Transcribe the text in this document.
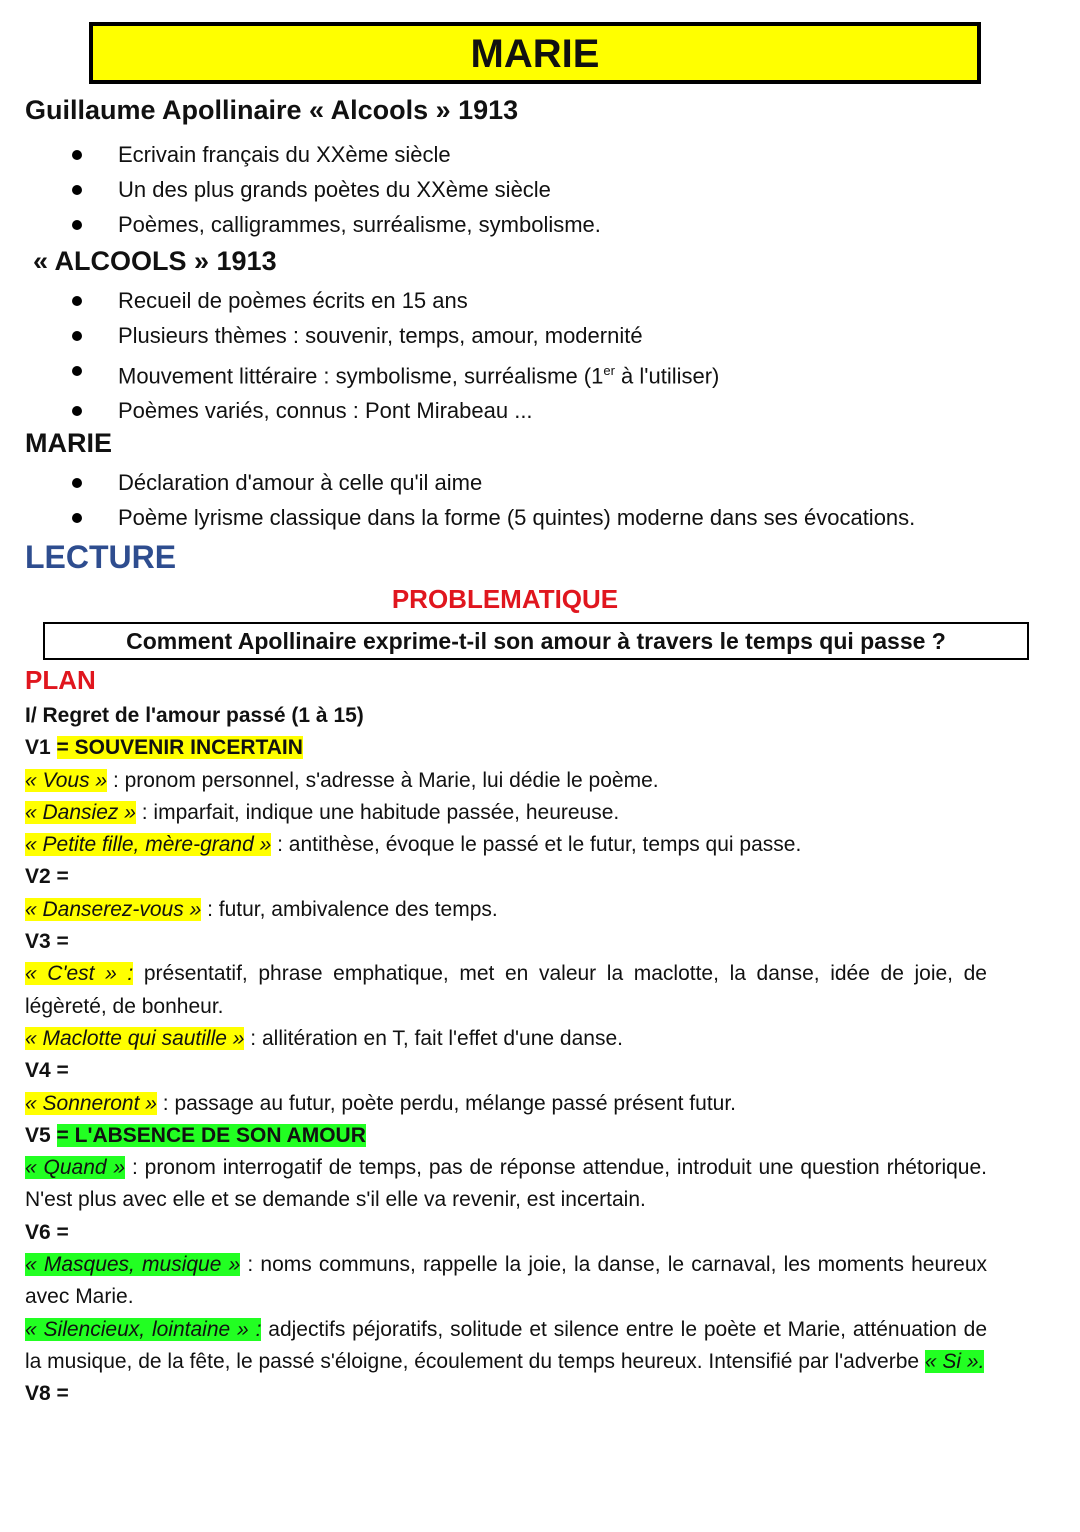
MARIE
Guillaume Apollinaire « Alcools » 1913
Ecrivain français du XXème siècle
Un des plus grands poètes du XXème siècle
Poèmes, calligrammes, surréalisme, symbolisme.
« ALCOOLS » 1913
Recueil de poèmes écrits en 15 ans
Plusieurs thèmes : souvenir, temps, amour, modernité
Mouvement littéraire : symbolisme, surréalisme (1er à l'utiliser)
Poèmes variés, connus : Pont Mirabeau ...
MARIE
Déclaration d'amour à celle qu'il aime
Poème lyrisme classique dans la forme (5 quintes) moderne dans ses évocations.
LECTURE
PROBLEMATIQUE
Comment Apollinaire exprime-t-il son amour à travers le temps qui passe ?
PLAN

I/ Regret de l'amour passé (1 à 15)

V1 = SOUVENIR INCERTAIN

« Vous » : pronom personnel, s'adresse à Marie, lui dédie le poème.

« Dansiez » : imparfait, indique une habitude passée, heureuse.

« Petite fille, mère-grand » : antithèse, évoque le passé et le futur, temps qui passe.

V2 =

« Danserez-vous » : futur, ambivalence des temps.

V3 =

« C'est » : présentatif, phrase emphatique, met en valeur la maclotte, la danse, idée de joie, de légèreté, de bonheur.

« Maclotte qui sautille » : allitération en T, fait l'effet d'une danse.

V4 =

« Sonneront » : passage au futur, poète perdu, mélange passé présent futur.

V5 = L'ABSENCE DE SON AMOUR

« Quand » : pronom interrogatif de temps, pas de réponse attendue, introduit une question rhétorique. N'est plus avec elle et se demande s'il elle va revenir, est incertain.

V6 =

« Masques, musique » : noms communs, rappelle la joie, la danse, le carnaval, les moments heureux avec Marie.

« Silencieux, lointaine » : adjectifs péjoratifs, solitude et silence entre le poète et Marie, atténuation de la musique, de la fête, le passé s'éloigne, écoulement du temps heureux. Intensifié par l'adverbe « Si ».

V8 =
